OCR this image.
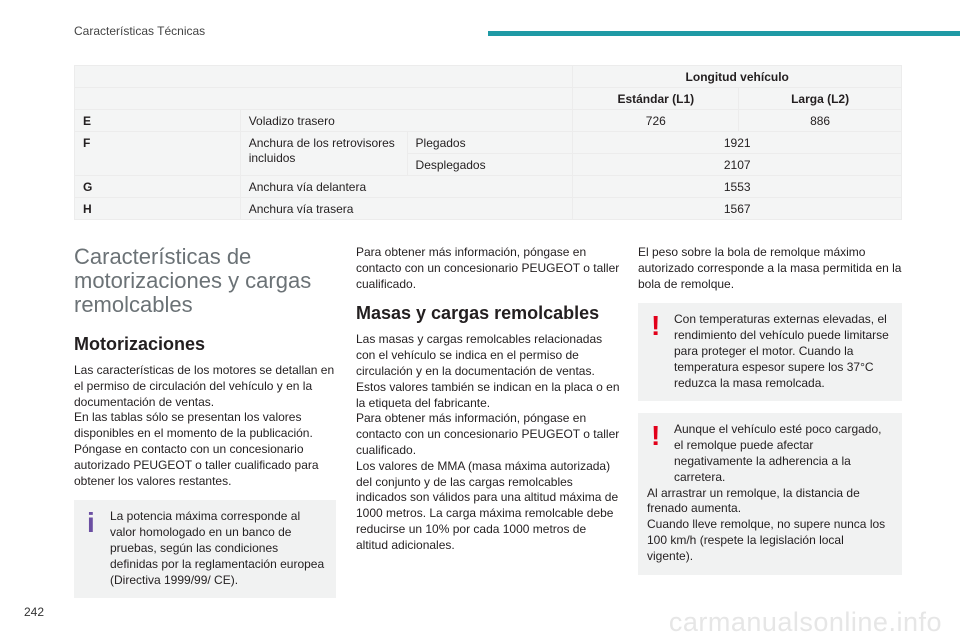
Características Técnicas
			Longitud vehículo	
			Estándar (L1)	Larga (L2)
E	Voladizo trasero		726	886
F	Anchura de los retrovisores incluidos	Plegados	1921	
		Desplegados	2107	
G	Anchura vía delantera		1553	
H	Anchura vía trasera		1567	
Características de motorizaciones y cargas remolcables
Motorizaciones

Las características de los motores se detallan en el permiso de circulación del vehículo y en la documentación de ventas.

En las tablas sólo se presentan los valores disponibles en el momento de la publicación.

Póngase en contacto con un concesionario autorizado PEUGEOT o taller cualificado para obtener los valores restantes.

i La potencia máxima corresponde al valor homologado en un banco de pruebas, según las condiciones definidas por la reglamentación europea (Directiva 1999/99/ CE).

Para obtener más información, póngase en contacto con un concesionario PEUGEOT o taller cualificado.

Masas y cargas remolcables

Las masas y cargas remolcables relacionadas con el vehículo se indica en el permiso de circulación y en la documentación de ventas.

Estos valores también se indican en la placa o en la etiqueta del fabricante.

Para obtener más información, póngase en contacto con un concesionario PEUGEOT o taller cualificado.

Los valores de MMA (masa máxima autorizada) del conjunto y de las cargas remolcables indicados son válidos para una altitud máxima de 1000 metros. La carga máxima remolcable debe reducirse un 10% por cada 1000 metros de altitud adicionales.

El peso sobre la bola de remolque máximo autorizado corresponde a la masa permitida en la bola de remolque.

! Con temperaturas externas elevadas, el rendimiento del vehículo puede limitarse para proteger el motor. Cuando la temperatura espesor supere los 37°C reduzca la masa remolcada.
! Aunque el vehículo esté poco cargado, el remolque puede afectar negativamente la adherencia a la carretera.

Al arrastrar un remolque, la distancia de frenado aumenta.

Cuando lleve remolque, no supere nunca los 100 km/h (respete la legislación local vigente).

242	carmanualsonline.info
